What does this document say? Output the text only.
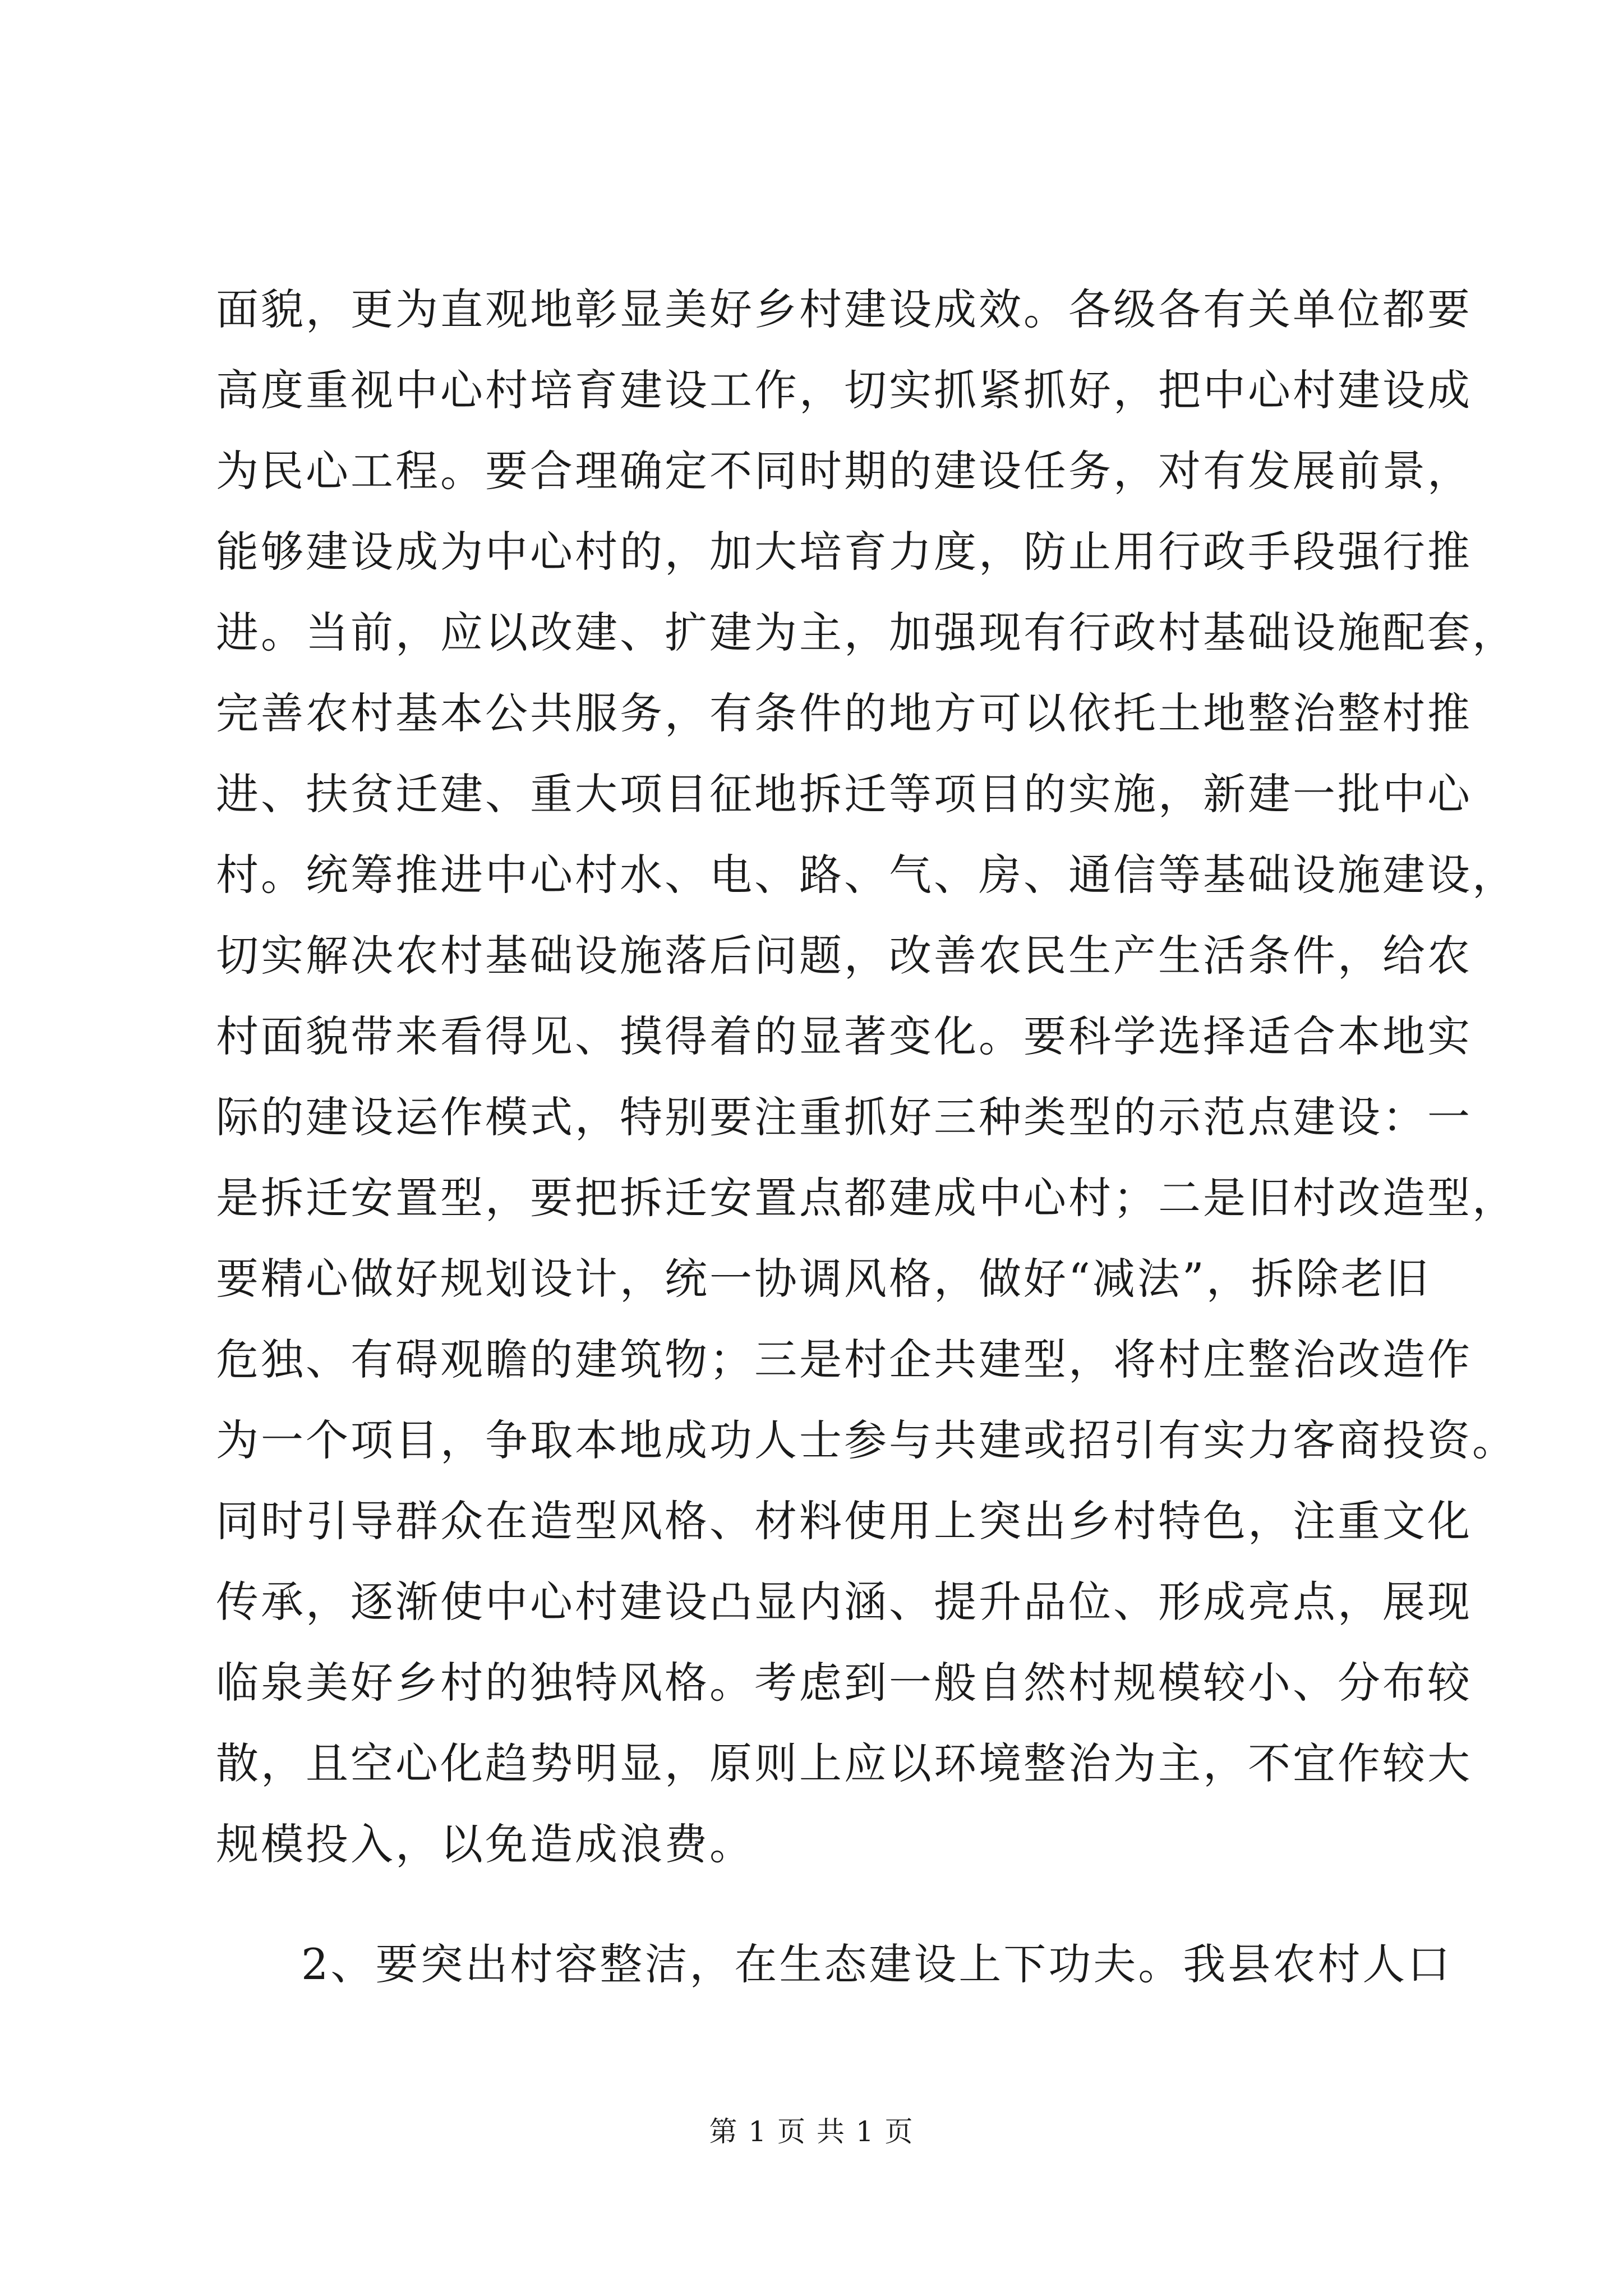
面貌，更为直观地彰显美好乡村建设成效。各级各有关单位都要
高度重视中心村培育建设工作，切实抓紧抓好，把中心村建设成
为民心工程。要合理确定不同时期的建设任务，对有发展前景，
能够建设成为中心村的，加大培育力度，防止用行政手段强行推
进。当前，应以改建、扩建为主，加强现有行政村基础设施配套，
完善农村基本公共服务，有条件的地方可以依托土地整治整村推
进、扶贫迁建、重大项目征地拆迁等项目的实施，新建一批中心
村。统筹推进中心村水、电、路、气、房、通信等基础设施建设，
切实解决农村基础设施落后问题，改善农民生产生活条件，给农
村面貌带来看得见、摸得着的显著变化。要科学选择适合本地实
际的建设运作模式，特别要注重抓好三种类型的示范点建设：一
是拆迁安置型，要把拆迁安置点都建成中心村；二是旧村改造型，
要精心做好规划设计，统一协调风格，做好“减法”，拆除老旧
危独、有碍观瞻的建筑物；三是村企共建型，将村庄整治改造作
为一个项目，争取本地成功人士参与共建或招引有实力客商投资。
同时引导群众在造型风格、材料使用上突出乡村特色，注重文化
传承，逐渐使中心村建设凸显内涵、提升品位、形成亮点，展现
临泉美好乡村的独特风格。考虑到一般自然村规模较小、分布较
散，且空心化趋势明显，原则上应以环境整治为主，不宜作较大
规模投入，以免造成浪费。
2、要突出村容整洁，在生态建设上下功夫。我县农村人口
第 1 页 共 1 页
